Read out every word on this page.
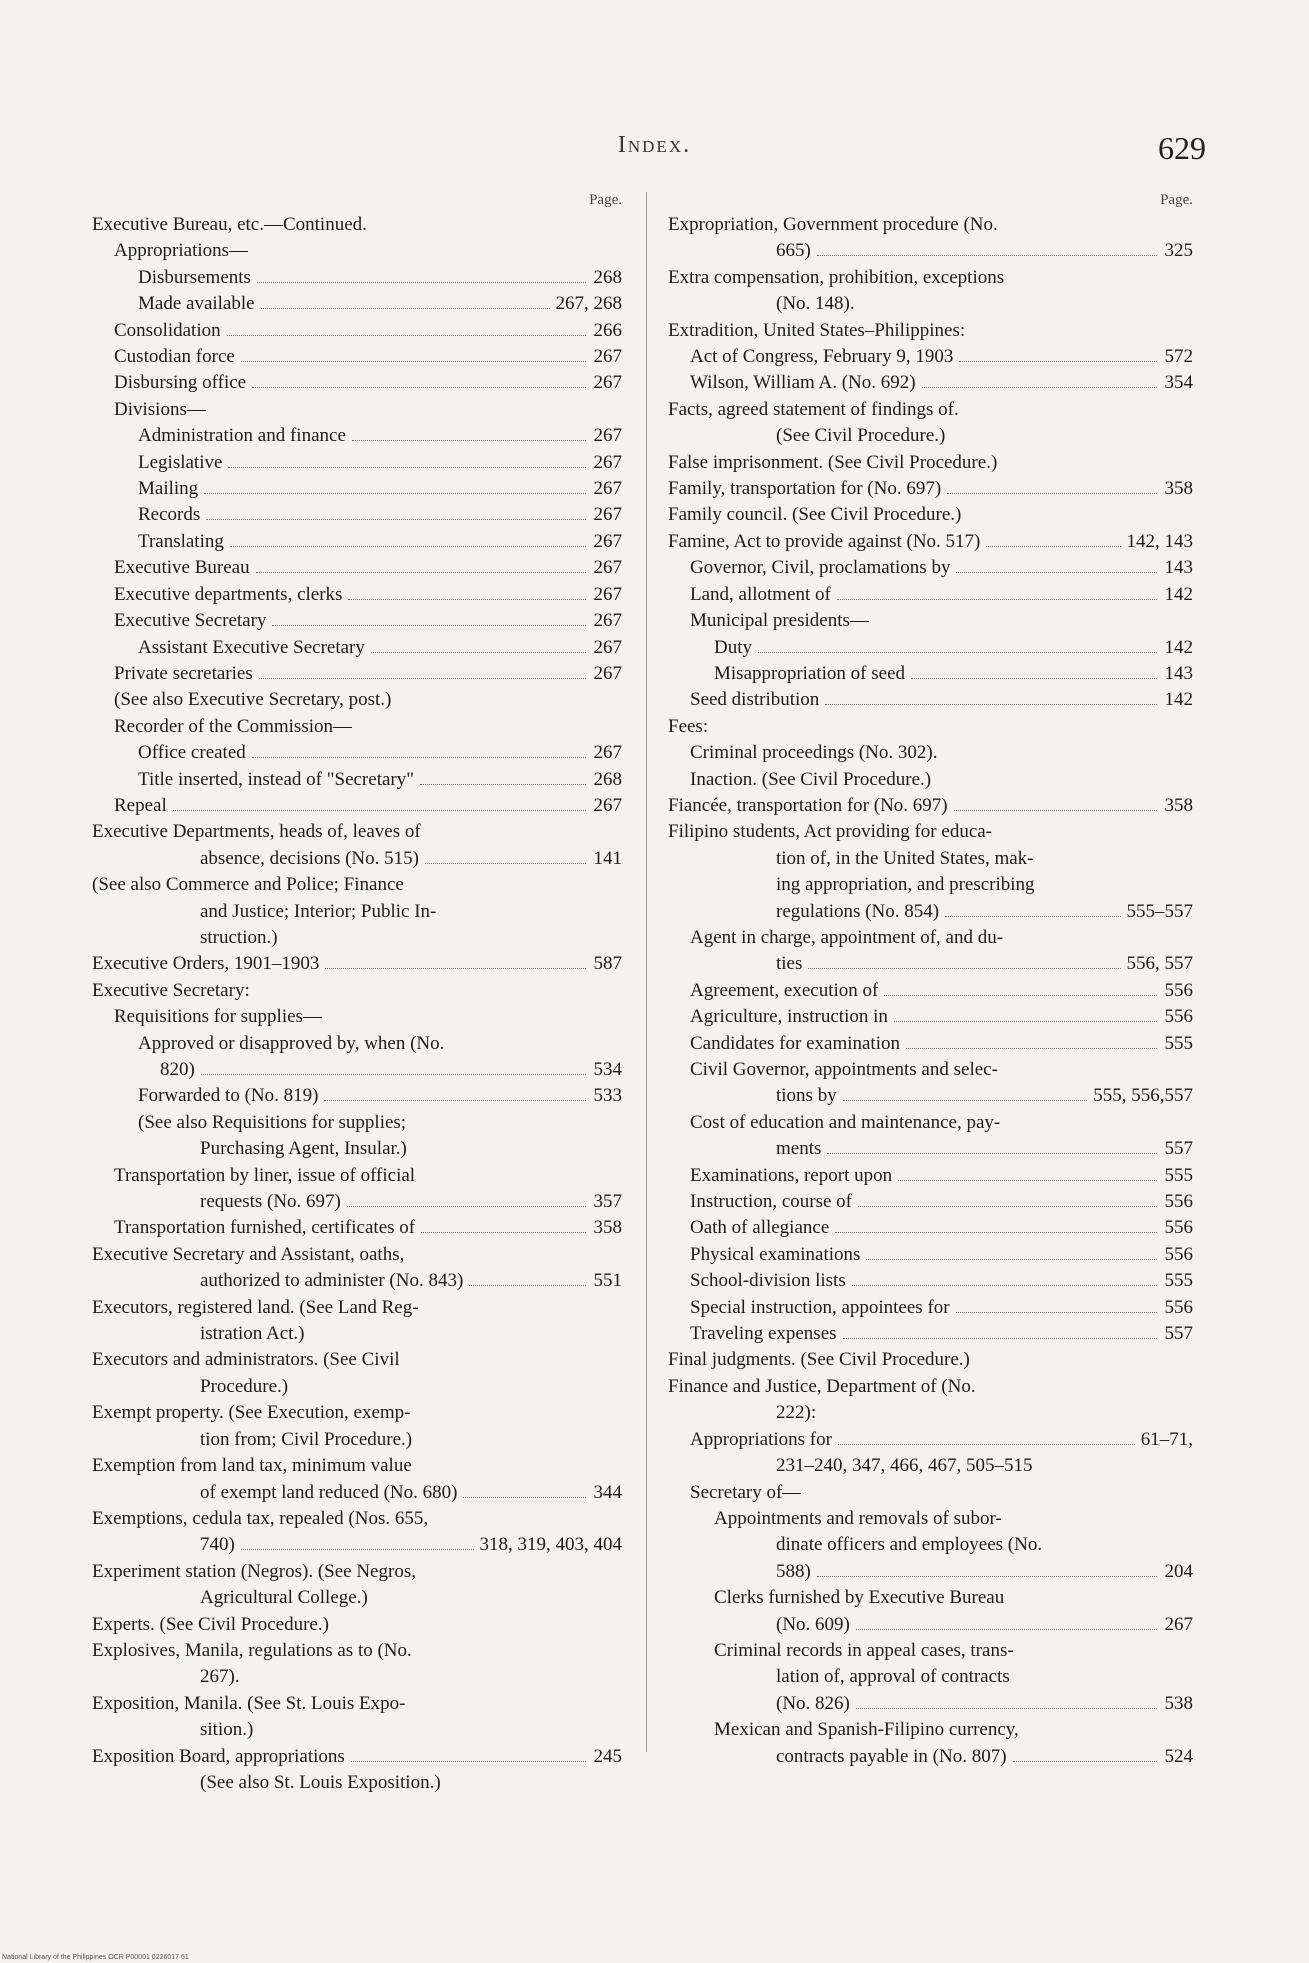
Index.	629
Page.
Executive Bureau, etc.—Continued.
Appropriations—
Disbursements	268
Made available	267, 268
Consolidation	266
Custodian force	267
Disbursing office	267
Divisions—
Administration and finance	267
Legislative	267
Mailing	267
Records	267
Translating	267
Executive Bureau	267
Executive departments, clerks	267
Executive Secretary	267
Assistant Executive Secretary	267
Private secretaries	267
(See also Executive Secretary, post.)
Recorder of the Commission—
Office created	267
Title inserted, instead of "Secretary"	268
Repeal	267
Executive Departments, heads of, leaves of
absence, decisions (No. 515)	141
(See also Commerce and Police; Finance
and Justice; Interior; Public In-
struction.)
Executive Orders, 1901–1903	587
Executive Secretary:
Requisitions for supplies—
Approved or disapproved by, when (No.
820)	534
Forwarded to (No. 819)	533
(See also Requisitions for supplies;
Purchasing Agent, Insular.)
Transportation by liner, issue of official
requests (No. 697)	357
Transportation furnished, certificates of	358
Executive Secretary and Assistant, oaths,
authorized to administer (No. 843)	551
Executors, registered land. (See Land Reg-
istration Act.)
Executors and administrators. (See Civil
Procedure.)
Exempt property. (See Execution, exemp-
tion from; Civil Procedure.)
Exemption from land tax, minimum value
of exempt land reduced (No. 680)	344
Exemptions, cedula tax, repealed (Nos. 655,
740)	318, 319, 403, 404
Experiment station (Negros). (See Negros,
Agricultural College.)
Experts. (See Civil Procedure.)
Explosives, Manila, regulations as to (No.
267).
Exposition, Manila. (See St. Louis Expo-
sition.)
Exposition Board, appropriations	245
(See also St. Louis Exposition.)
Page.
Expropriation, Government procedure (No.
665)	325
Extra compensation, prohibition, exceptions
(No. 148).
Extradition, United States–Philippines:
Act of Congress, February 9, 1903	572
Wilson, William A. (No. 692)	354
Facts, agreed statement of findings of.
(See Civil Procedure.)
False imprisonment. (See Civil Procedure.)
Family, transportation for (No. 697)	358
Family council. (See Civil Procedure.)
Famine, Act to provide against (No. 517)	142, 143
Governor, Civil, proclamations by	143
Land, allotment of	142
Municipal presidents—
Duty	142
Misappropriation of seed	143
Seed distribution	142
Fees:
Criminal proceedings (No. 302).
Inaction. (See Civil Procedure.)
Fiancée, transportation for (No. 697)	358
Filipino students, Act providing for educa-
tion of, in the United States, mak-
ing appropriation, and prescribing
regulations (No. 854)	555–557
Agent in charge, appointment of, and du-
ties	556, 557
Agreement, execution of	556
Agriculture, instruction in	556
Candidates for examination	555
Civil Governor, appointments and selec-
tions by	555, 556,557
Cost of education and maintenance, pay-
ments	557
Examinations, report upon	555
Instruction, course of	556
Oath of allegiance	556
Physical examinations	556
School-division lists	555
Special instruction, appointees for	556
Traveling expenses	557
Final judgments. (See Civil Procedure.)
Finance and Justice, Department of (No.
222):
Appropriations for	61–71,
231–240, 347, 466, 467, 505–515
Secretary of—
Appointments and removals of subor-
dinate officers and employees (No.
588)	204
Clerks furnished by Executive Bureau
(No. 609)	267
Criminal records in appeal cases, trans-
lation of, approval of contracts
(No. 826)	538
Mexican and Spanish-Filipino currency,
contracts payable in (No. 807)	524
National Library of the Philippines OCR P00001 0226017 61
